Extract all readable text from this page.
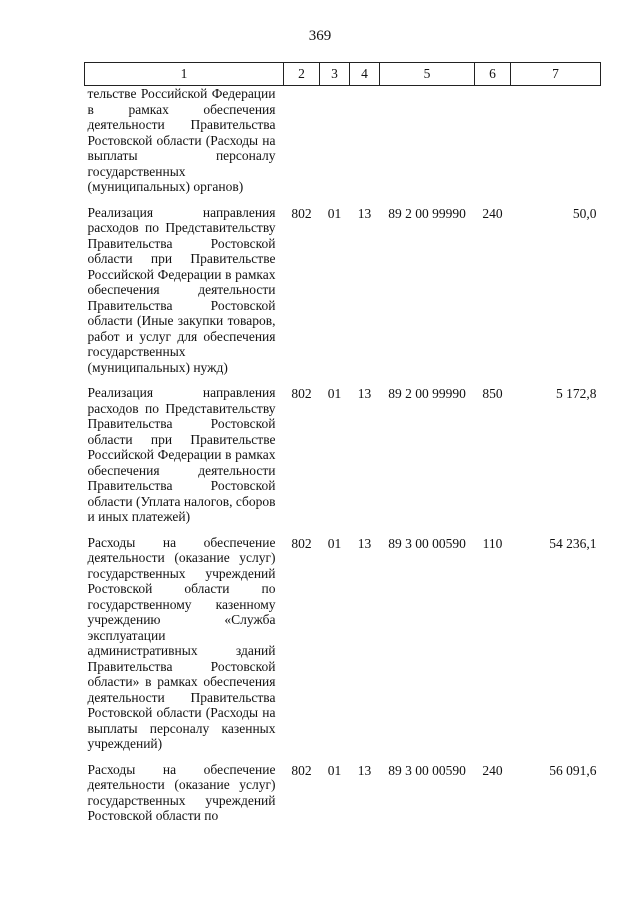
369
1	2	3	4	5	6	7
тельстве Российской Федерации в рамках обеспечения деятельности Правительства Ростовской области (Расходы на выплаты персоналу государственных (муниципальных) органов)						
Реализация направления расходов по Представительству Правительства Ростовской области при Правительстве Российской Федерации в рамках обеспечения деятельности Правительства Ростовской области (Иные закупки товаров, работ и услуг для обеспечения государственных (муниципальных) нужд)	802	01	13	89 2 00 99990	240	50,0
Реализация направления расходов по Представительству Правительства Ростовской области при Правительстве Российской Федерации в рамках обеспечения деятельности Правительства Ростовской области (Уплата налогов, сборов и иных платежей)	802	01	13	89 2 00 99990	850	5 172,8
Расходы на обеспечение деятельности (оказание услуг) государственных учреждений Ростовской области по государственному казенному учреждению «Служба эксплуатации административных зданий Правительства Ростовской области» в рамках обеспечения деятельности Правительства Ростовской области (Расходы на выплаты персоналу казенных учреждений)	802	01	13	89 3 00 00590	110	54 236,1
Расходы на обеспечение деятельности (оказание услуг) государственных учреждений Ростовской области по	802	01	13	89 3 00 00590	240	56 091,6
